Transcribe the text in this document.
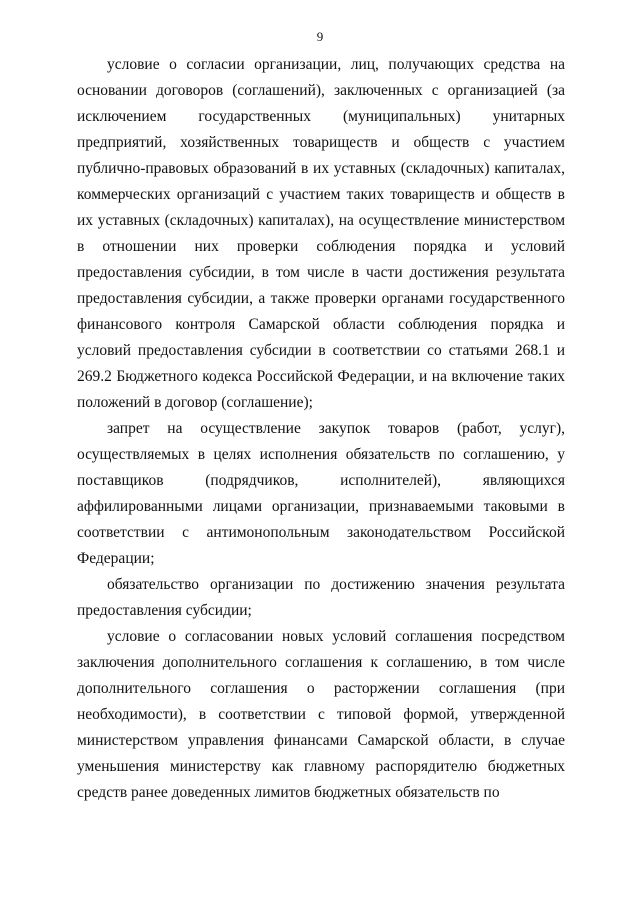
9

условие о согласии организации, лиц, получающих средства на основании договоров (соглашений), заключенных с организацией (за исключением государственных (муниципальных) унитарных предприятий, хозяйственных товариществ и обществ с участием публично-правовых образований в их уставных (складочных) капиталах, коммерческих организаций с участием таких товариществ и обществ в их уставных (складочных) капиталах), на осуществление министерством в отношении них проверки соблюдения порядка и условий предоставления субсидии, в том числе в части достижения результата предоставления субсидии, а также проверки органами государственного финансового контроля Самарской области соблюдения порядка и условий предоставления субсидии в соответствии со статьями 268.1 и 269.2 Бюджетного кодекса Российской Федерации, и на включение таких положений в договор (соглашение);

запрет на осуществление закупок товаров (работ, услуг), осуществляемых в целях исполнения обязательств по соглашению, у поставщиков (подрядчиков, исполнителей), являющихся аффилированными лицами организации, признаваемыми таковыми в соответствии с антимонопольным законодательством Российской Федерации;

обязательство организации по достижению значения результата предоставления субсидии;

условие о согласовании новых условий соглашения посредством заключения дополнительного соглашения к соглашению, в том числе дополнительного соглашения о расторжении соглашения (при необходимости), в соответствии с типовой формой, утвержденной министерством управления финансами Самарской области, в случае уменьшения министерству как главному распорядителю бюджетных средств ранее доведенных лимитов бюджетных обязательств по
